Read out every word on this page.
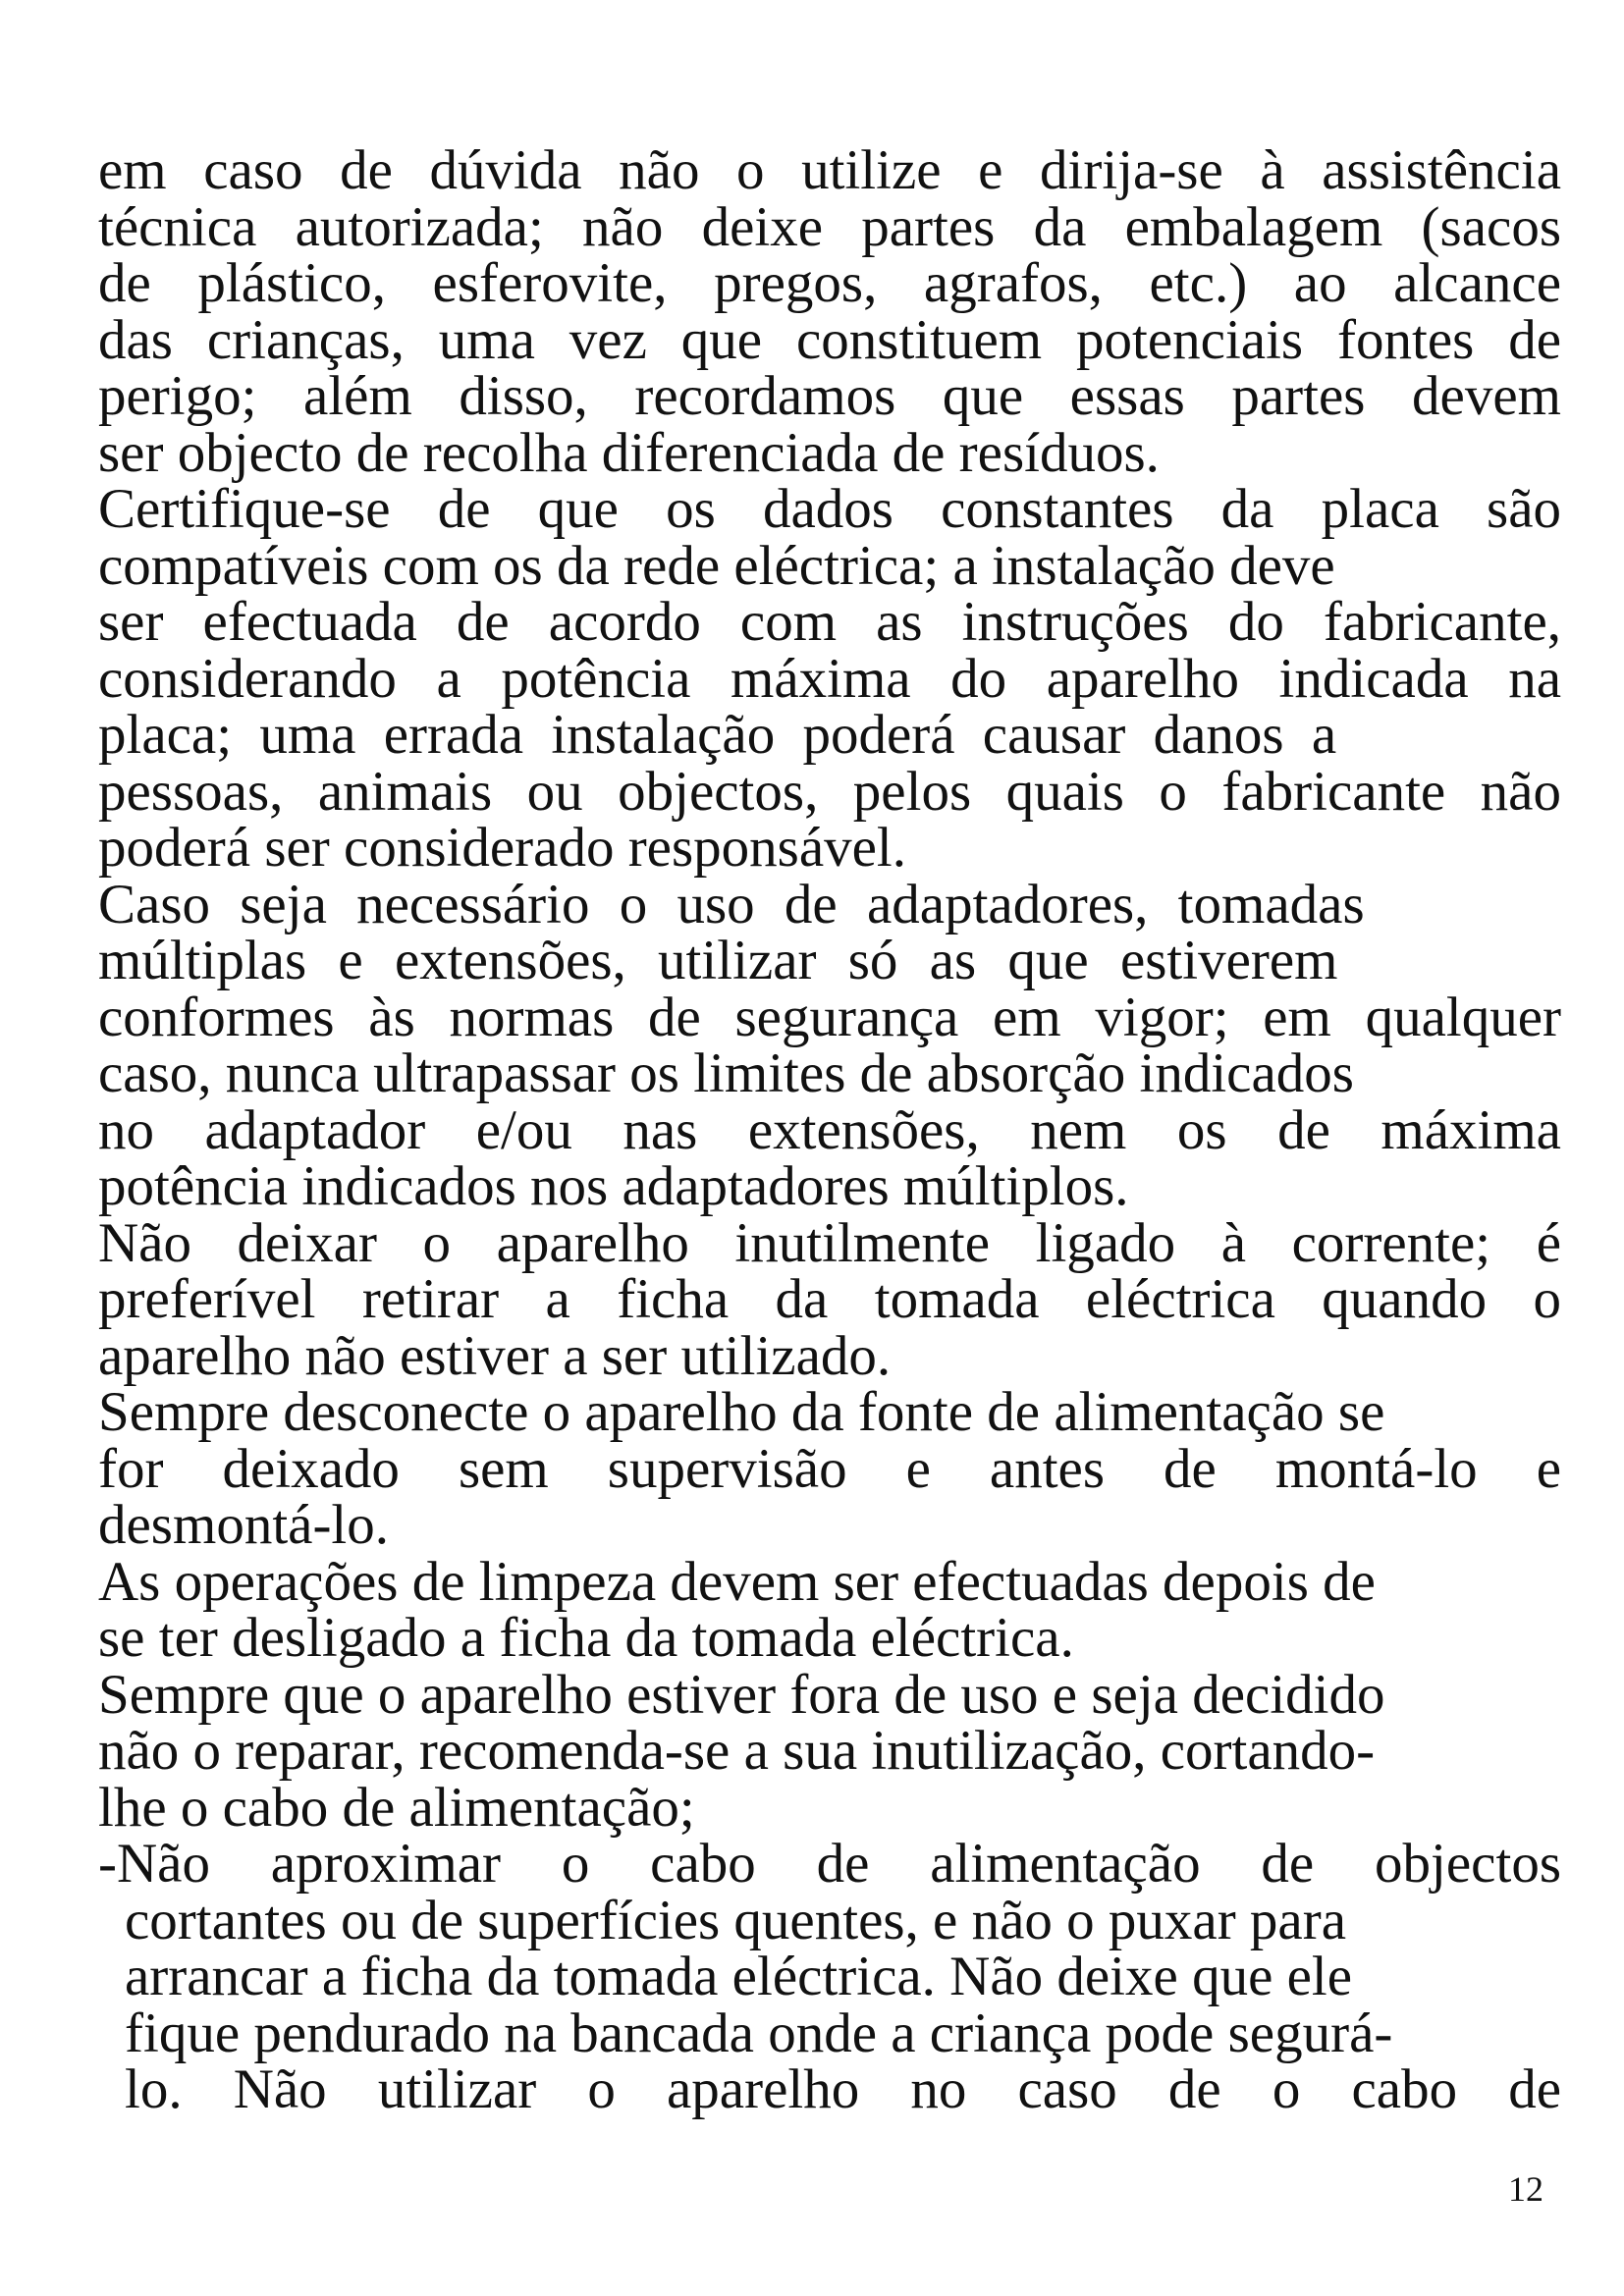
em caso de dúvida não o utilize e dirija-se à assistência
técnica autorizada; não deixe partes da embalagem (sacos
de plástico, esferovite, pregos, agrafos, etc.) ao alcance
das crianças, uma vez que constituem potenciais fontes de
perigo; além disso, recordamos que essas partes devem
ser objecto de recolha diferenciada de resíduos.
Certifique-se de que os dados constantes da placa são
compatíveis com os da rede eléctrica; a instalação deve
ser efectuada de acordo com as instruções do fabricante,
considerando a potência máxima do aparelho indicada na
placa; uma errada instalação poderá causar danos a
pessoas, animais ou objectos, pelos quais o fabricante não
poderá ser considerado responsável.
Caso seja necessário o uso de adaptadores, tomadas
múltiplas e extensões, utilizar só as que estiverem
conformes às normas de segurança em vigor; em qualquer
caso, nunca ultrapassar os limites de absorção indicados
no adaptador e/ou nas extensões, nem os de máxima
potência indicados nos adaptadores múltiplos.
Não deixar o aparelho inutilmente ligado à corrente; é
preferível retirar a ficha da tomada eléctrica quando o
aparelho não estiver a ser utilizado.
Sempre desconecte o aparelho da fonte de alimentação se
for deixado sem supervisão e antes de montá-lo e
desmontá-lo.
As operações de limpeza devem ser efectuadas depois de
se ter desligado a ficha da tomada eléctrica.
Sempre que o aparelho estiver fora de uso e seja decidido
não o reparar, recomenda-se a sua inutilização, cortando-
lhe o cabo de alimentação;
-Não aproximar o cabo de alimentação de objectos
cortantes ou de superfícies quentes, e não o puxar para
arrancar a ficha da tomada eléctrica. Não deixe que ele
fique pendurado na bancada onde a criança pode segurá-
lo. Não utilizar o aparelho no caso de o cabo de
12
